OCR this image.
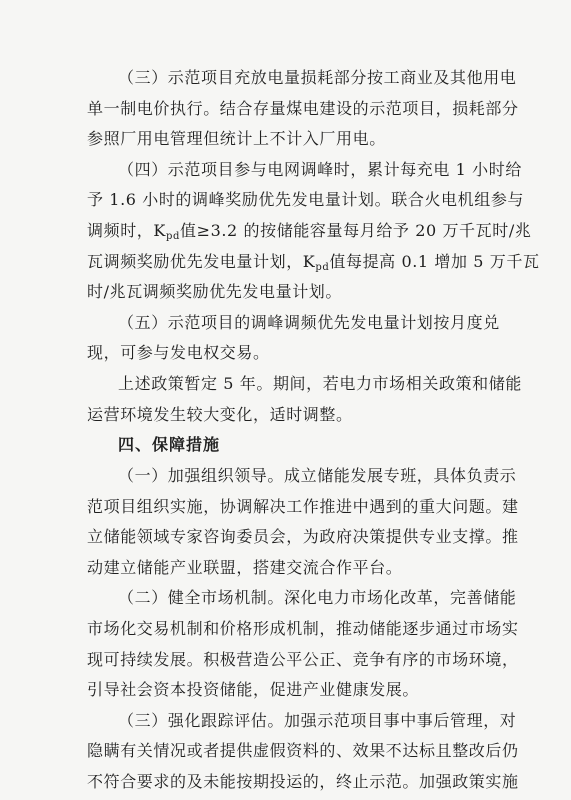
（三）示范项目充放电量损耗部分按工商业及其他用电
单一制电价执行。结合存量煤电建设的示范项目，损耗部分
参照厂用电管理但统计上不计入厂用电。
（四）示范项目参与电网调峰时，累计每充电 1 小时给
予 1.6 小时的调峰奖励优先发电量计划。联合火电机组参与
调频时，$K_{pd}$值≥3.2 的按储能容量每月给予 20 万千瓦时/兆
瓦调频奖励优先发电量计划，$K_{pd}$值每提高 0.1 增加 5 万千瓦
时/兆瓦调频奖励优先发电量计划。
（五）示范项目的调峰调频优先发电量计划按月度兑
现，可参与发电权交易。
上述政策暂定 5 年。期间，若电力市场相关政策和储能
运营环境发生较大变化，适时调整。
四、保障措施
（一）加强组织领导。成立储能发展专班，具体负责示
范项目组织实施，协调解决工作推进中遇到的重大问题。建
立储能领域专家咨询委员会，为政府决策提供专业支撑。推
动建立储能产业联盟，搭建交流合作平台。
（二）健全市场机制。深化电力市场化改革，完善储能
市场化交易机制和价格形成机制，推动储能逐步通过市场实
现可持续发展。积极营造公平公正、竞争有序的市场环境，
引导社会资本投资储能，促进产业健康发展。
（三）强化跟踪评估。加强示范项目事中事后管理，对
隐瞒有关情况或者提供虚假资料的、效果不达标且整改后仍
不符合要求的及未能按期投运的，终止示范。加强政策实施
